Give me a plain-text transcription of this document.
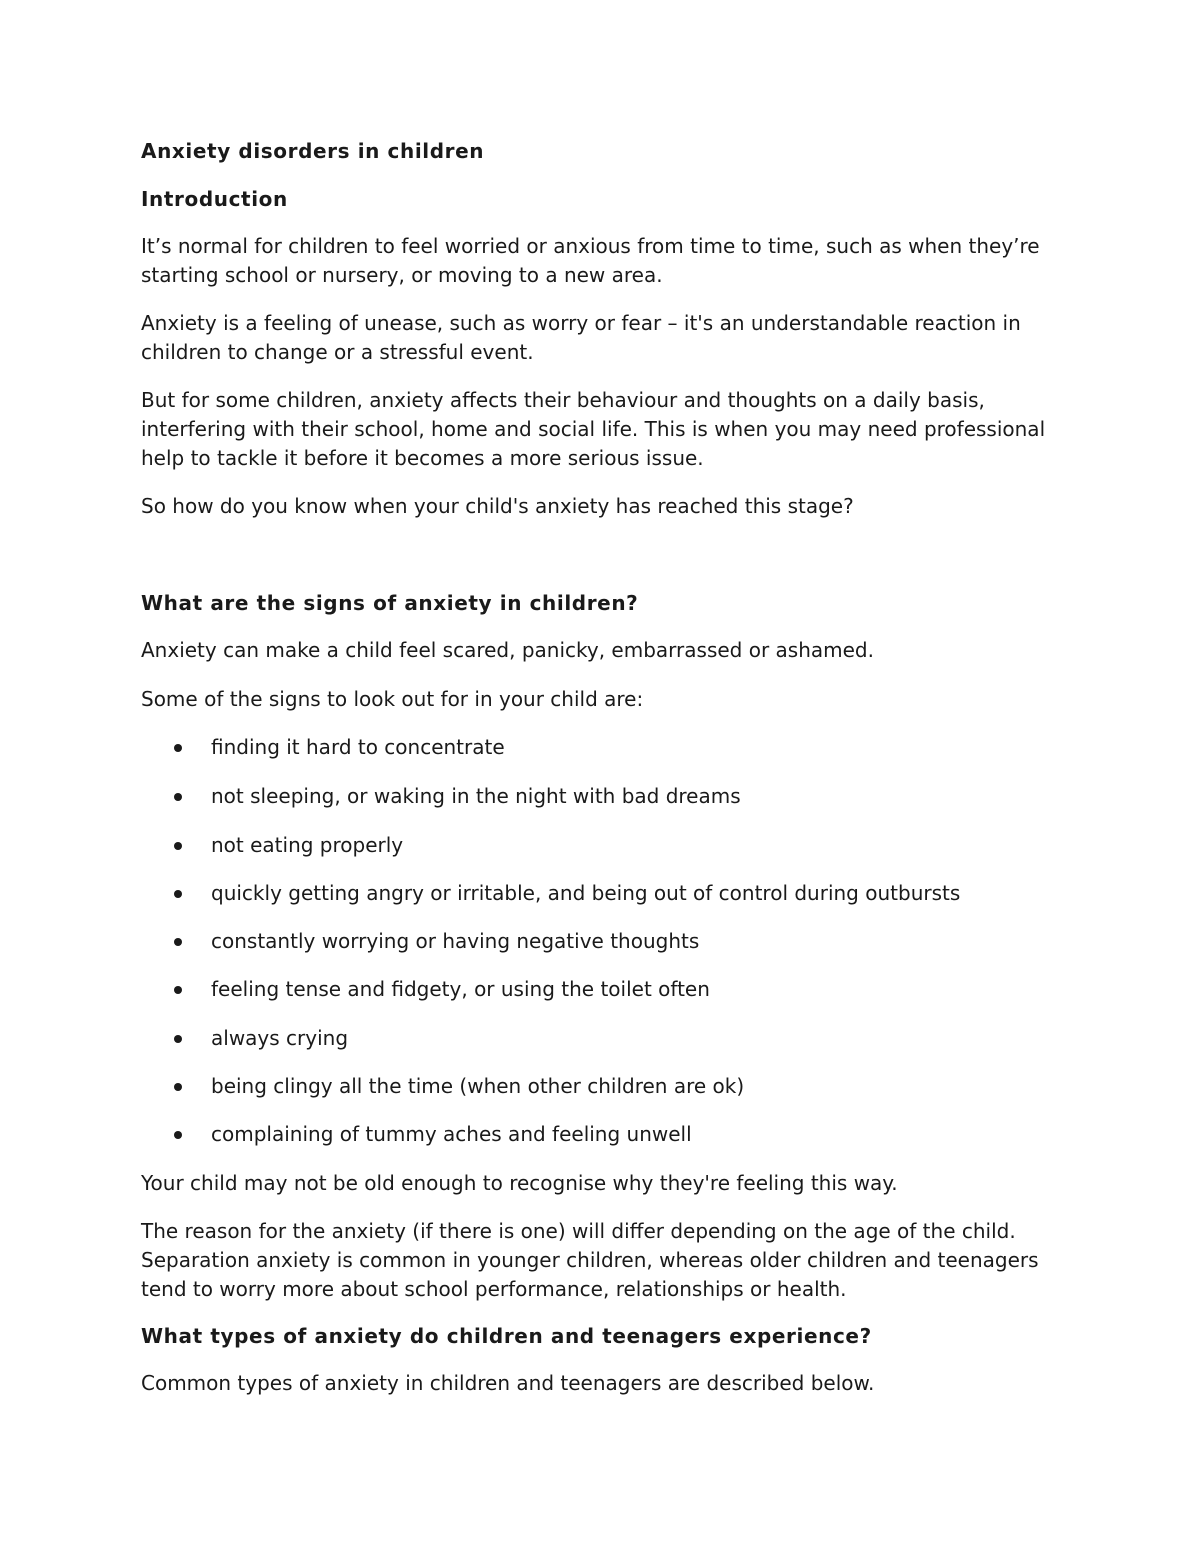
Anxiety disorders in children
Introduction

It’s normal for children to feel worried or anxious from time to time, such as when they’re starting school or nursery, or moving to a new area.

Anxiety is a feeling of unease, such as worry or fear – it's an understandable reaction in children to change or a stressful event.

But for some children, anxiety affects their behaviour and thoughts on a daily basis, interfering with their school, home and social life. This is when you may need professional help to tackle it before it becomes a more serious issue.

So how do you know when your child's anxiety has reached this stage?

What are the signs of anxiety in children?

Anxiety can make a child feel scared, panicky, embarrassed or ashamed.

Some of the signs to look out for in your child are:

finding it hard to concentrate
not sleeping, or waking in the night with bad dreams
not eating properly
quickly getting angry or irritable, and being out of control during outbursts
constantly worrying or having negative thoughts
feeling tense and fidgety, or using the toilet often
always crying
being clingy all the time (when other children are ok)
complaining of tummy aches and feeling unwell

Your child may not be old enough to recognise why they're feeling this way.

The reason for the anxiety (if there is one) will differ depending on the age of the child. Separation anxiety is common in younger children, whereas older children and teenagers tend to worry more about school performance, relationships or health.

What types of anxiety do children and teenagers experience?

Common types of anxiety in children and teenagers are described below.
